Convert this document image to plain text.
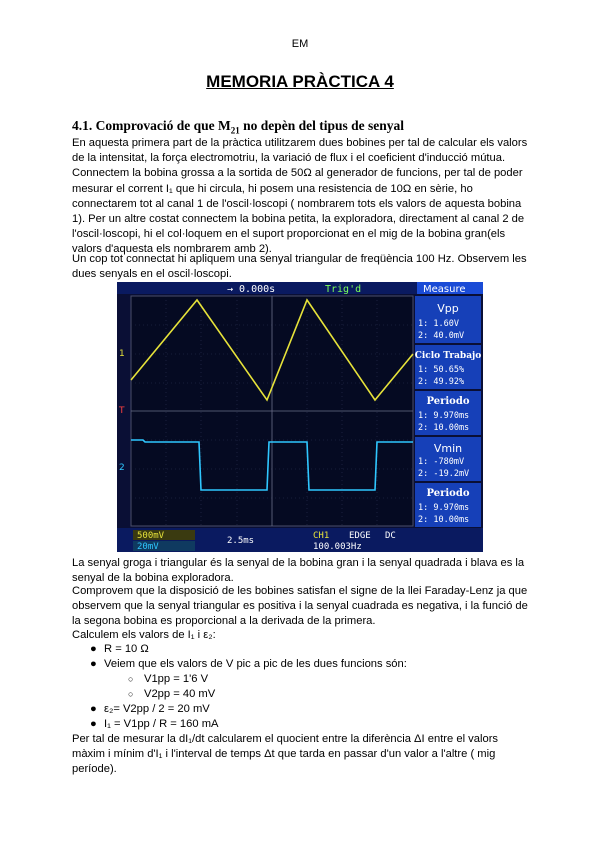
EM
MEMORIA PRÀCTICA 4
4.1. Comprovació de que $M_{21}$ no depèn del tipus de senyal
En aquesta primera part de la pràctica utilitzarem dues bobines per tal de calcular els valors de la intensitat, la força electromotriu, la variació de flux i el coeficient d'inducció mútua. Connectem la bobina grossa a la sortida de 50Ω al generador de funcions, per tal de poder mesurar el corrent I₁ que hi circula, hi posem una resistencia de 10Ω en sèrie, ho connectarem tot al canal 1 de l'oscil·loscopi ( nombrarem tots els valors de aquesta bobina 1). Per un altre costat connectem la bobina petita, la exploradora, directament al canal 2 de l'oscil·loscopi, hi el col·loquem en el suport proporcionat en el mig de la bobina gran(els valors d'aquesta els nombrarem amb 2).
Un cop tot connectat hi apliquem una senyal triangular de freqüència 100 Hz. Observem les dues senyals en el oscil·loscopi.
→ 0.000s	Trig'd	Measure
1
T
2
Vpp
1: 1.60V
2: 40.0mV
Ciclo Trabajo
1: 50.65%
2: 49.92%
Periodo
1: 9.970ms
2: 10.00ms
Vmin
1: -780mV
2: -19.2mV
Periodo
1: 9.970ms
2: 10.00ms
500mV
20mV
2.5ms	CH1 EDGE DC
100.003Hz
La senyal groga i triangular és la senyal de la bobina gran i la senyal quadrada i blava es la senyal de la bobina exploradora.
Comprovem que la disposició de les bobines satisfan el signe de la llei Faraday-Lenz ja que observem que la senyal triangular es positiva i la senyal cuadrada es negativa, i la funció de la segona bobina es proporcional a la derivada de la primera.
Calculem els valors de I₁ i ε₂:
● R = 10 Ω
● Veiem que els valors de V pic a pic de les dues funcions són:
○ V1pp = 1'6 V
○ V2pp = 40 mV
● ε₂= V2pp / 2 = 20 mV
● I₁ = V1pp / R = 160 mA
Per tal de mesurar la dI₁/dt calcularem el quocient entre la diferència ΔI entre el valors màxim i mínim d'I₁ i l'interval de temps Δt que tarda en passar d'un valor a l'altre ( mig període).
